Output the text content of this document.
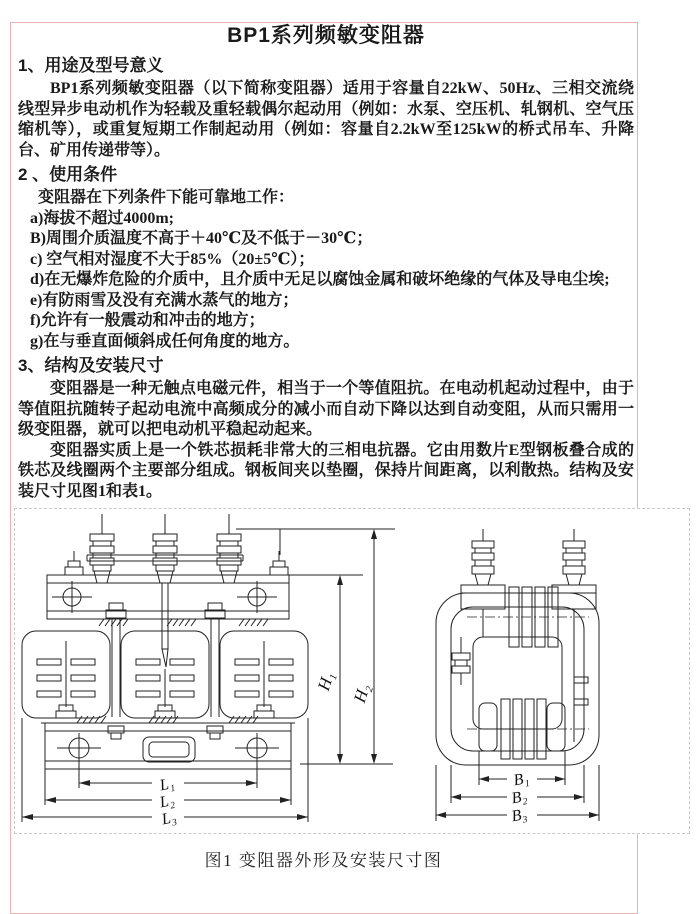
BP1系列频敏变阻器
1、用途及型号意义

BP1系列频敏变阻器（以下简称变阻器）适用于容量自22kW、50Hz、三相交流绕线型异步电动机作为轻载及重轻载偶尔起动用（例如：水泵、空压机、轧钢机、空气压缩机等），或重复短期工作制起动用（例如：容量自2.2kW至125kW的桥式吊车、升降台、矿用传递带等）。

2 、使用条件

变阻器在下列条件下能可靠地工作：

a)海拔不超过4000m;
B)周围介质温度不高于＋40℃及不低于－30℃；
c) 空气相对湿度不大于85%（20±5℃）；
d)在无爆炸危险的介质中，且介质中无足以腐蚀金属和破坏绝缘的气体及导电尘埃;
e)有防雨雪及没有充满水蒸气的地方；
f)允许有一般震动和冲击的地方；
g)在与垂直面倾斜成任何角度的地方。
3、结构及安装尺寸

变阻器是一种无触点电磁元件，相当于一个等值阻抗。在电动机起动过程中，由于等值阻抗随转子起动电流中高频成分的减小而自动下降以达到自动变阻，从而只需用一级变阻器，就可以把电动机平稳起动起来。

变阻器实质上是一个铁芯损耗非常大的三相电抗器。它由用数片E型钢板叠合成的铁芯及线圈两个主要部分组成。钢板间夹以垫圈，保持片间距离，以利散热。结构及安装尺寸见图1和表1。

H₁
H₂
L₁
L₂
L₃
B₁
B₂
B₃
图1 变阻器外形及安装尺寸图
